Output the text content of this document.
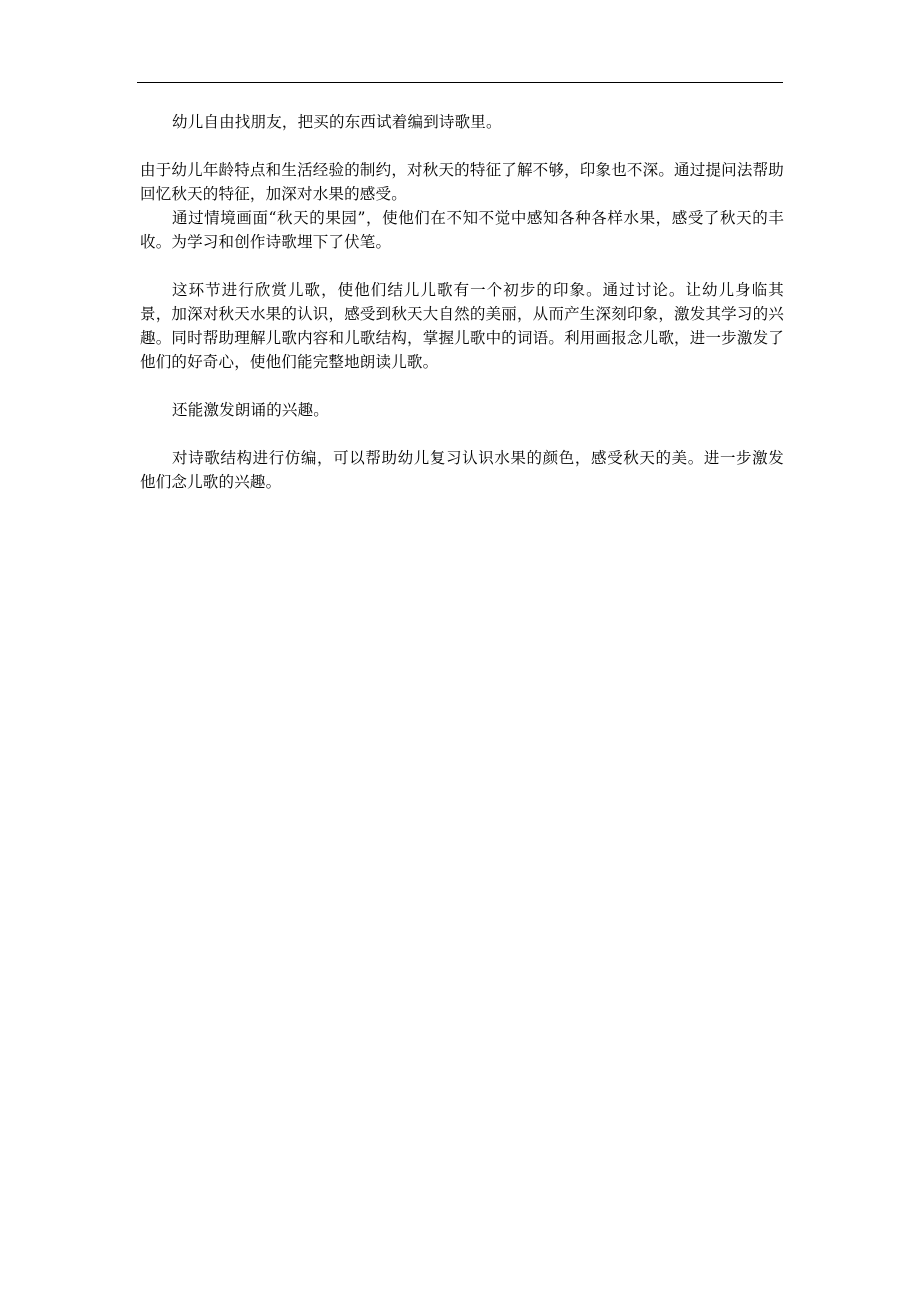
幼儿自由找朋友，把买的东西试着编到诗歌里。

由于幼儿年龄特点和生活经验的制约，对秋天的特征了解不够，印象也不深。通过提问法帮助回忆秋天的特征，加深对水果的感受。

通过情境画面“秋天的果园”，使他们在不知不觉中感知各种各样水果，感受了秋天的丰收。为学习和创作诗歌埋下了伏笔。

这环节进行欣赏儿歌，使他们结儿儿歌有一个初步的印象。通过讨论。让幼儿身临其景，加深对秋天水果的认识，感受到秋天大自然的美丽，从而产生深刻印象，激发其学习的兴趣。同时帮助理解儿歌内容和儿歌结构，掌握儿歌中的词语。利用画报念儿歌，进一步激发了他们的好奇心，使他们能完整地朗读儿歌。

还能激发朗诵的兴趣。

对诗歌结构进行仿编，可以帮助幼儿复习认识水果的颜色，感受秋天的美。进一步激发他们念儿歌的兴趣。
